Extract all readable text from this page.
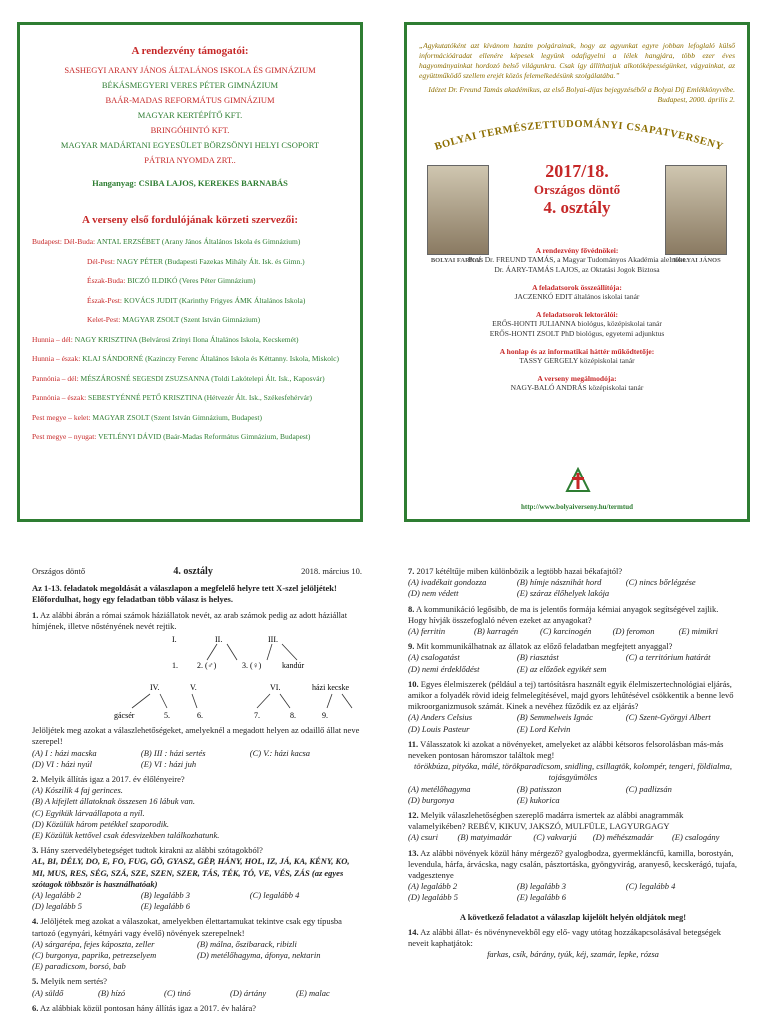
A rendezvény támogatói:
SASHEGYI ARANY JÁNOS ÁLTALÁNOS ISKOLA ÉS GIMNÁZIUM
BÉKÁSMEGYERI VERES PÉTER GIMNÁZIUM
BAÁR-MADAS REFORMÁTUS GIMNÁZIUM
MAGYAR KERTÉPÍTŐ KFT.
BRINGÓHINTÓ KFT.
MAGYAR MADÁRTANI EGYESÜLET BÖRZSÖNYI HELYI CSOPORT
PÁTRIA NYOMDA ZRT..
Hanganyag: CSIBA LAJOS, KEREKES BARNABÁS
A verseny első fordulójának körzeti szervezői:
Budapest: Dél-Buda: ANTAL ERZSÉBET (Arany János Általános Iskola és Gimnázium)
Dél-Pest: NAGY PÉTER (Budapesti Fazekas Mihály Ált. Isk. és Gimn.)
Észak-Buda: BICZÓ ILDIKÓ (Veres Péter Gimnázium)
Észak-Pest: KOVÁCS JUDIT (Karinthy Frigyes ÁMK Általános Iskola)
Kelet-Pest: MAGYAR ZSOLT (Szent István Gimnázium)
Hunnia – dél: NAGY KRISZTINA (Belvárosi Zrínyi Ilona Általános Iskola, Kecskemét)
Hunnia – észak: KLAJ SÁNDORNÉ (Kazinczy Ferenc Általános Iskola és Kéttanny. Iskola, Miskolc)
Pannónia – dél: MÉSZÁROSNÉ SEGESDI ZSUZSANNA (Toldi Lakótelepi Ált. Isk., Kaposvár)
Pannónia – észak: SEBESTYÉNNÉ PETŐ KRISZTINA (Hétvezér Ált. Isk., Székesfehérvár)
Pest megye – kelet: MAGYAR ZSOLT (Szent István Gimnázium, Budapest)
Pest megye – nyugat: VETLÉNYI DÁVID (Baár-Madas Református Gimnázium, Budapest)
„Agykutatóként azt kívánom hazám polgárainak, hogy az agyunkat egyre jobban lefoglaló külső információáradat ellenére képesek legyünk odafigyelni a lélek hangjára, több ezer éves hagyományainkat hordozó belső világunkra. Csak így állíthatjuk alkotóképességünket, vágyainkat, az együttműködő szellem erejét közös felemelkedésünk szolgálatába.”
Idézet Dr. Freund Tamás akadémikus, az első Bolyai-díjas bejegyzéséből a Bolyai Díj Emlékkönyvébe. Budapest, 2000. április 2.
BOLYAI TERMÉSZETTUDOMÁNYI CSAPATVERSENY
BOLYAI FARKAS	BOLYAI JÁNOS
2017/18.
Országos döntő
4. osztály
A rendezvény fővédnökei:
Prof. Dr. FREUND TAMÁS, a Magyar Tudományos Akadémia alelnöke
Dr. ÁARY-TAMÁS LAJOS, az Oktatási Jogok Biztosa
A feladatsorok összeállítója:
JACZENKÓ EDIT általános iskolai tanár
A feladatsorok lektorálói:
ERŐS-HONTI JULIANNA biológus, középiskolai tanár
ERŐS-HONTI ZSOLT PhD biológus, egyetemi adjunktus
A honlap és az informatikai háttér működtetője:
TASSY GERGELY középiskolai tanár
A verseny megálmodója:
NAGY-BALÓ ANDRÁS középiskolai tanár
http://www.bolyaiverseny.hu/termtud
Országos döntő	4. osztály	2018. március 10.
Az 1-13. feladatok megoldását a válaszlapon a megfelelő helyre tett X-szel jelöljétek! Előfordulhat, hogy egy feladatban több válasz is helyes.
1. Az alábbi ábrán a római számok háziállatok nevét, az arab számok pedig az adott háziállat hímjének, illetve nőstényének nevét rejtik.
I.	II.	III.
1. 2. (♂)	3. (♀)	kandúr
IV.	V.	VI.	házi kecske
gácsér	5.	6.	7.	8.	9.
Jelöljétek meg azokat a válaszlehetőségeket, amelyeknél a megadott helyen az odaillő állat neve szerepel!
(A) I : házi macska	(B) III : házi sertés	(C) V.: házi kacsa
(D) VI : házi nyúl	(E) VI : házi juh
2. Melyik állítás igaz a 2017. év élőlényeire?
(A) Kószilik 4 faj gerinces.
(B) A kifejlett állatoknak összesen 16 lábuk van.
(C) Egyikük lárvaállapota a nyíl.
(D) Közülük három petékkel szaporodik.
(E) Közülük kettővel csak édesvizekben találkozhatunk.
3. Hány szervedélybetegséget tudtok kirakni az alábbi szótagokból?
AL, BI, DÉLY, DO, E, FO, FUG, GÖ, GYASZ, GÉP, HÁNY, HOL, IZ, JÁ, KA, KÉNY, KO, MI, MUS, RES, SÉG, SZÁ, SZE, SZEN, SZER, TÁS, TÉK, TÓ, VE, VÉS, ZÁS (az egyes szótagok többször is használhatóak)
(A) legalább 2	(B) legalább 3	(C) legalább 4
(D) legalább 5	(E) legalább 6
4. Jelöljétek meg azokat a válaszokat, amelyekben élettartamukat tekintve csak egy típusba tartozó (egynyári, kétnyári vagy évelő) növények szerepelnek!
(A) sárgarépa, fejes káposzta, zeller	(B) málna, őszibarack, ribizli
(C) burgonya, paprika, petrezselyem	(D) metélőhagyma, áfonya, nektarin
(E) paradicsom, borsó, bab
5. Melyik nem sertés?
(A) süldő	(B) hízó	(C) tinó	(D) ártány	(E) malac
6. Az alábbiak közül pontosan hány állítás igaz a 2017. év halára?
7. 2017 kétéltűje miben különbözik a legtöbb hazai békafajtól?
(A) ivadékait gondozza	(B) hímje násznihát hord	(C) nincs bőrlégzése
(D) nem védett	(E) száraz élőhelyek lakója
8. A kommunikáció legősibb, de ma is jelentős formája kémiai anyagok segítségével zajlik. Hogy hívják összefoglaló néven ezeket az anyagokat?
(A) ferritin	(B) karragén	(C) karcinogén	(D) feromon	(E) mimikri
9. Mit kommunikálhatnak az állatok az előző feladatban megfejtett anyaggal?
(A) csalogatást	(B) riasztást	(C) a territórium határát
(D) nemi érdeklődést	(E) az előzőek egyikét sem
10. Egyes élelmiszerek (például a tej) tartósításra használt egyik élelmiszertechnológiai eljárás, amikor a folyadék rövid ideig felmelegítésével, majd gyors lehűtésével csökkentik a benne levő mikroorganizmusok számát. Kinek a nevéhez fűződik ez az eljárás?
(A) Anders Celsius	(B) Semmelweis Ignác	(C) Szent-Györgyi Albert
(D) Louis Pasteur	(E) Lord Kelvin
11. Válasszatok ki azokat a növényeket, amelyeket az alábbi kétsoros felsorolásban más-más neveken pontosan háromszor találtok meg!
törökbúza, pityóka, málé, törökparadicsom, snidling, csillagtök, kolompér, tengeri, földialma, tojásgyümölcs
(A) metélőhagyma	(B) patisszon	(C) padlizsán
(D) burgonya	(E) kukorica
12. Melyik válaszlehetőségben szereplő madárra ismertek az alábbi anagrammák valamelyikében? REBÉV, KIKUV, JAKSZÓ, MULFÜLE, LAGYURGAGY
(A) csuri	(B) matyimadár	(C) vakvarjú	(D) méhészmadár	(E) csalogány
13. Az alábbi növények közül hány mérgező? gyalogbodza, gyermekláncfű, kamilla, borostyán, levendula, hárfa, árvácska, nagy csalán, pásztortáska, gyöngyvirág, aranyeső, kecskerágó, tujafa, vadgesztenye
(A) legalább 2	(B) legalább 3	(C) legalább 4
(D) legalább 5	(E) legalább 6
A következő feladatot a válaszlap kijelölt helyén oldjátok meg!
14. Az alábbi állat- és növénynevekből egy elő- vagy utótag hozzákapcsolásával betegségek neveit kaphatjátok:
farkas, csík, bárány, tyúk, kéj, szamár, lepke, rózsa
